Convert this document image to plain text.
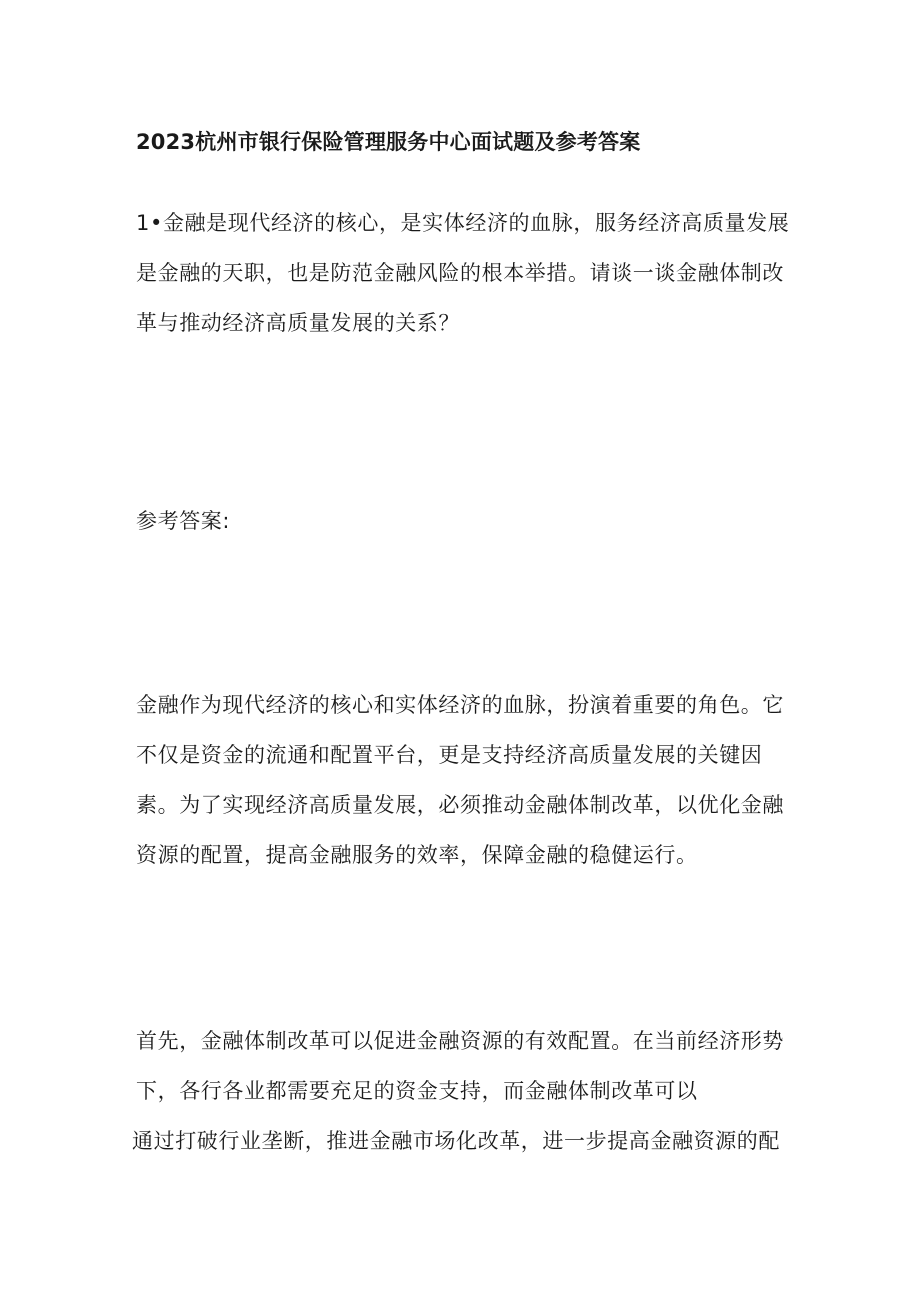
2023杭州市银行保险管理服务中心面试题及参考答案
1•金融是现代经济的核心，是实体经济的血脉，服务经济高质量发展
是金融的天职，也是防范金融风险的根本举措。请谈一谈金融体制改
革与推动经济高质量发展的关系？
参考答案:
金融作为现代经济的核心和实体经济的血脉，扮演着重要的角色。它
不仅是资金的流通和配置平台，更是支持经济高质量发展的关键因
素。为了实现经济高质量发展，必须推动金融体制改革，以优化金融
资源的配置，提高金融服务的效率，保障金融的稳健运行。
首先，金融体制改革可以促进金融资源的有效配置。在当前经济形势
下，各行各业都需要充足的资金支持，而金融体制改革可以
通过打破行业垄断，推进金融市场化改革，进一步提高金融资源的配
